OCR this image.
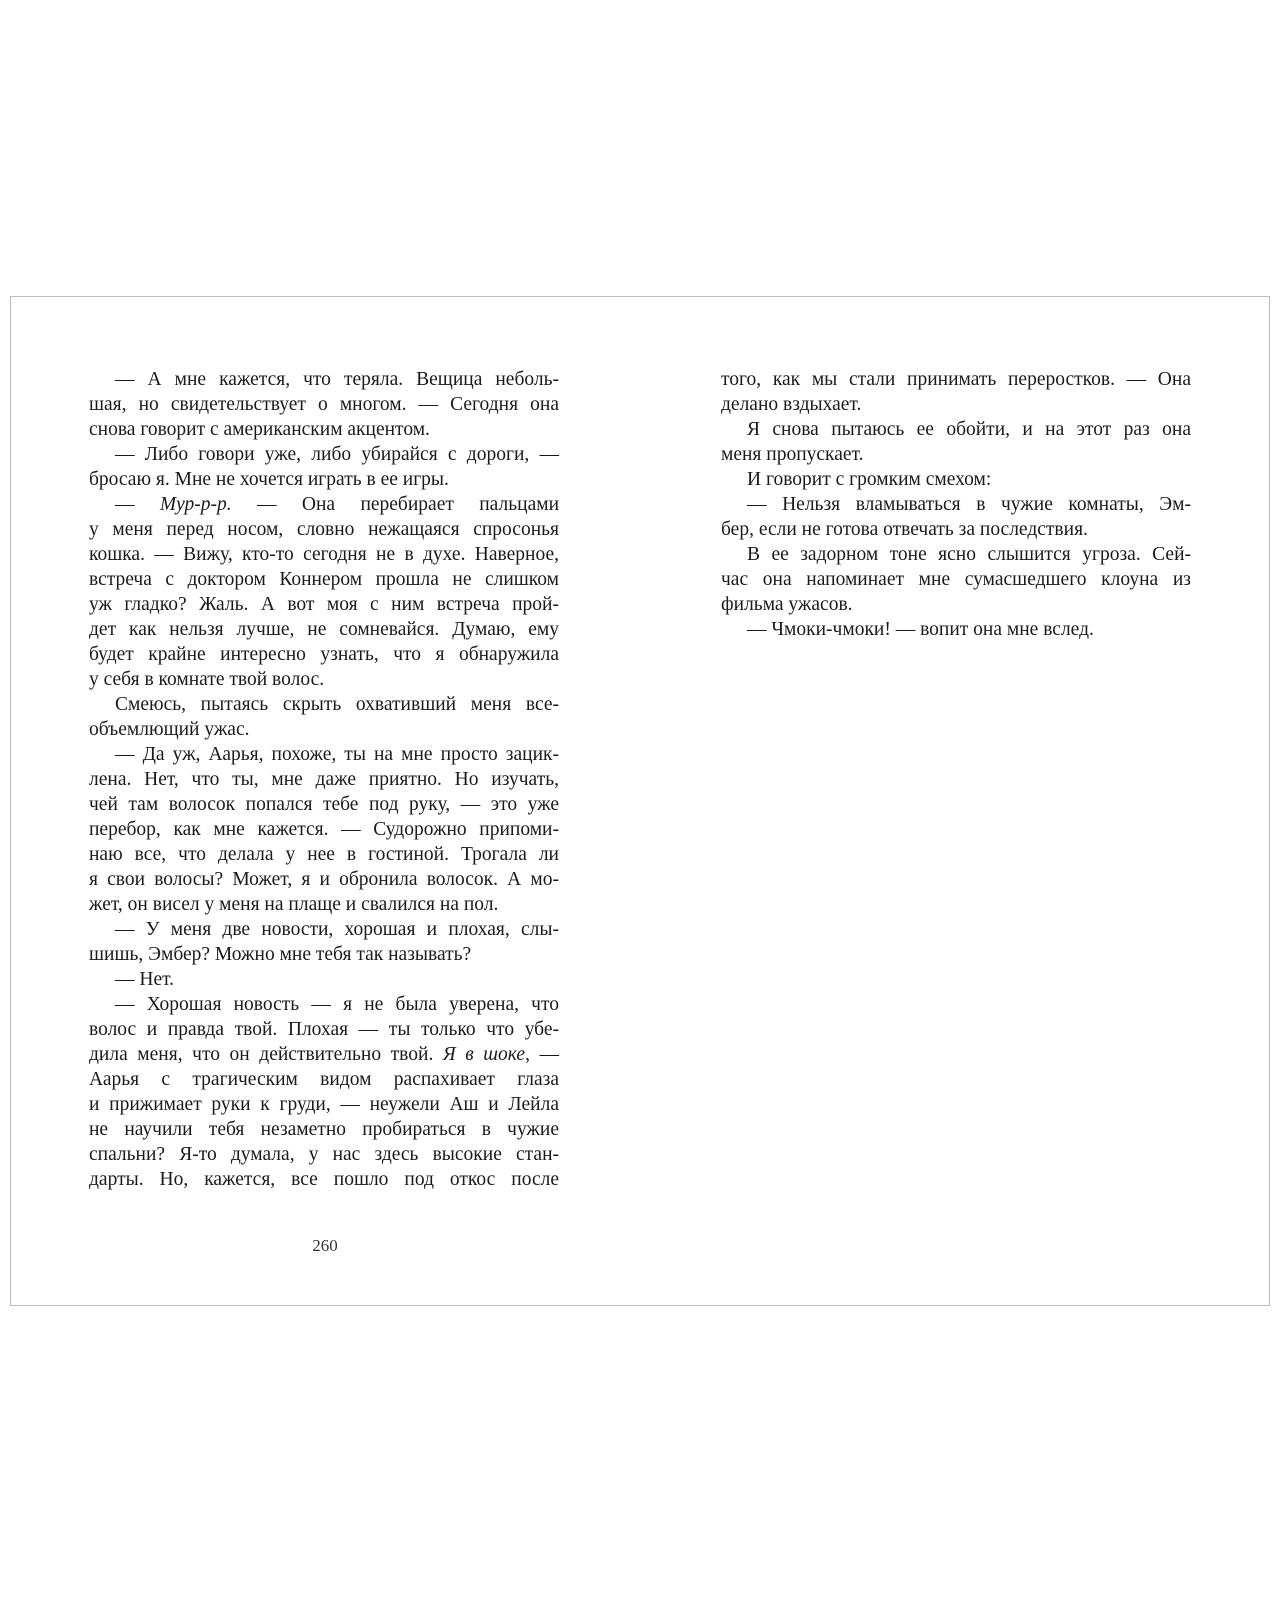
— А мне кажется, что теряла. Вещица неболь-
шая, но свидетельствует о многом. — Сегодня она
снова говорит с американским акцентом.
— Либо говори уже, либо убирайся с дороги, —
бросаю я. Мне не хочется играть в ее игры.
— Мур-р-р. — Она перебирает пальцами
у меня перед носом, словно нежащаяся спросонья
кошка. — Вижу, кто-то сегодня не в духе. Наверное,
встреча с доктором Коннером прошла не слишком
уж гладко? Жаль. А вот моя с ним встреча прой-
дет как нельзя лучше, не сомневайся. Думаю, ему
будет крайне интересно узнать, что я обнаружила
у себя в комнате твой волос.
Смеюсь, пытаясь скрыть охвативший меня все-
объемлющий ужас.
— Да уж, Аарья, похоже, ты на мне просто зацик-
лена. Нет, что ты, мне даже приятно. Но изучать,
чей там волосок попался тебе под руку, — это уже
перебор, как мне кажется. — Судорожно припоми-
наю все, что делала у нее в гостиной. Трогала ли
я свои волосы? Может, я и обронила волосок. А мо-
жет, он висел у меня на плаще и свалился на пол.
— У меня две новости, хорошая и плохая, слы-
шишь, Эмбер? Можно мне тебя так называть?
— Нет.
— Хорошая новость — я не была уверена, что
волос и правда твой. Плохая — ты только что убе-
дила меня, что он действительно твой. Я в шоке, —
Аарья с трагическим видом распахивает глаза
и прижимает руки к груди, — неужели Аш и Лейла
не научили тебя незаметно пробираться в чужие
спальни? Я-то думала, у нас здесь высокие стан-
дарты. Но, кажется, все пошло под откос после
260
того, как мы стали принимать переростков. — Она
делано вздыхает.
Я снова пытаюсь ее обойти, и на этот раз она
меня пропускает.
И говорит с громким смехом:
— Нельзя вламываться в чужие комнаты, Эм-
бер, если не готова отвечать за последствия.
В ее задорном тоне ясно слышится угроза. Сей-
час она напоминает мне сумасшедшего клоуна из
фильма ужасов.
— Чмоки-чмоки! — вопит она мне вслед.
